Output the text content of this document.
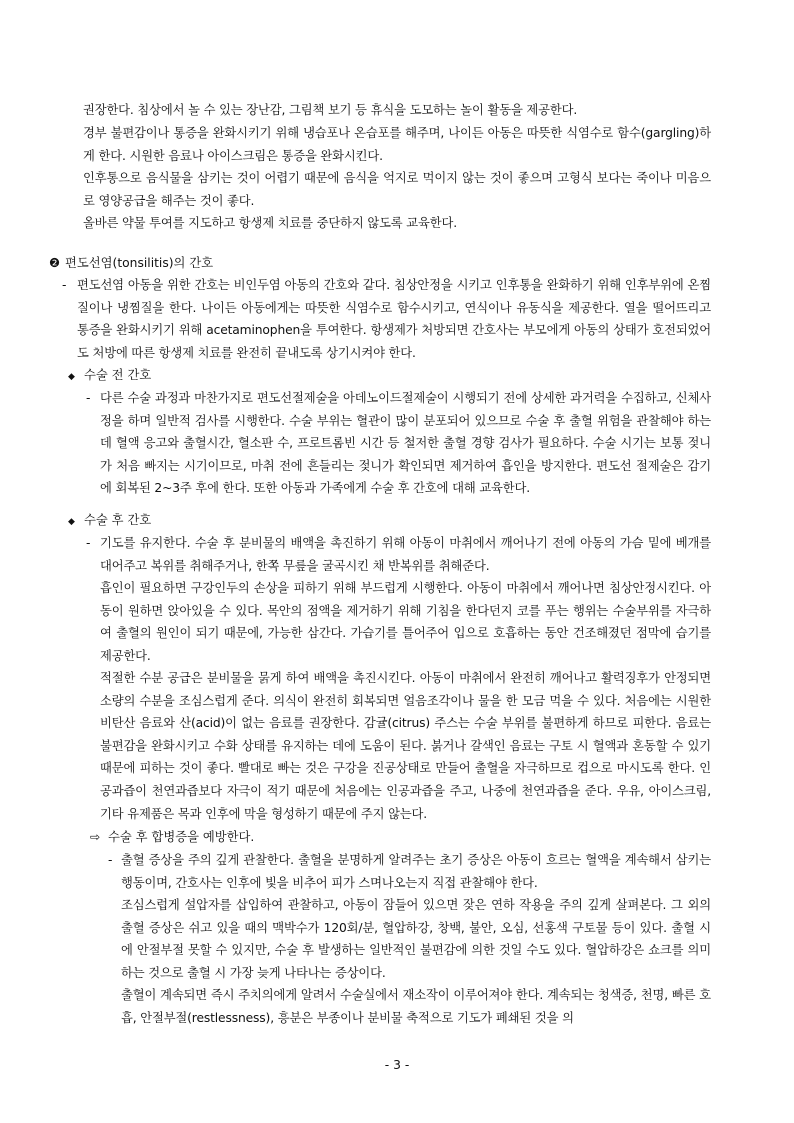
권장한다. 침상에서 놀 수 있는 장난감, 그림책 보기 등 휴식을 도모하는 놀이 활동을 제공한다.

경부 불편감이나 통증을 완화시키기 위해 냉습포나 온습포를 해주며, 나이든 아동은 따뜻한 식염수로 함수(gargling)하게 한다. 시원한 음료나 아이스크림은 통증을 완화시킨다.

인후통으로 음식물을 삼키는 것이 어렵기 때문에 음식을 억지로 먹이지 않는 것이 좋으며 고형식 보다는 죽이나 미음으로 영양공급을 해주는 것이 좋다.

올바른 약물 투여를 지도하고 항생제 치료를 중단하지 않도록 교육한다.

❷ 편도선염(tonsilitis)의 간호
- 편도선염 아동을 위한 간호는 비인두염 아동의 간호와 같다. 침상안정을 시키고 인후통을 완화하기 위해 인후부위에 온찜질이나 냉찜질을 한다. 나이든 아동에게는 따뜻한 식염수로 함수시키고, 연식이나 유동식을 제공한다. 열을 떨어뜨리고 통증을 완화시키기 위해 acetaminophen을 투여한다. 항생제가 처방되면 간호사는 부모에게 아동의 상태가 호전되었어도 처방에 따른 항생제 치료를 완전히 끝내도록 상기시켜야 한다.

◆ 수술 전 간호
- 다른 수술 과정과 마찬가지로 편도선절제술을 아데노이드절제술이 시행되기 전에 상세한 과거력을 수집하고, 신체사정을 하며 일반적 검사를 시행한다. 수술 부위는 혈관이 많이 분포되어 있으므로 수술 후 출혈 위험을 관찰해야 하는데 혈액 응고와 출혈시간, 혈소판 수, 프로트롬빈 시간 등 철저한 출혈 경향 검사가 필요하다. 수술 시기는 보통 젖니가 처음 빠지는 시기이므로, 마취 전에 흔들리는 젖니가 확인되면 제거하여 흡인을 방지한다. 편도선 절제술은 감기에 회복된 2~3주 후에 한다. 또한 아동과 가족에게 수술 후 간호에 대해 교육한다.

◆ 수술 후 간호
- 기도를 유지한다. 수술 후 분비물의 배액을 촉진하기 위해 아동이 마취에서 깨어나기 전에 아동의 가슴 밑에 베개를 대어주고 복위를 취해주거나, 한쪽 무릎을 굴곡시킨 채 반복위를 취해준다.

흡인이 필요하면 구강인두의 손상을 피하기 위해 부드럽게 시행한다. 아동이 마취에서 깨어나면 침상안정시킨다. 아동이 원하면 앉아있을 수 있다. 목안의 점액을 제거하기 위해 기침을 한다던지 코를 푸는 행위는 수술부위를 자극하여 출혈의 원인이 되기 때문에, 가능한 삼간다. 가습기를 틀어주어 입으로 호흡하는 동안 건조해졌던 점막에 습기를 제공한다.

적절한 수분 공급은 분비물을 묽게 하여 배액을 촉진시킨다. 아동이 마취에서 완전히 깨어나고 활력징후가 안정되면 소량의 수분을 조심스럽게 준다. 의식이 완전히 회복되면 얼음조각이나 물을 한 모금 먹을 수 있다. 처음에는 시원한 비탄산 음료와 산(acid)이 없는 음료를 권장한다. 감귤(citrus) 주스는 수술 부위를 불편하게 하므로 피한다. 음료는 불편감을 완화시키고 수화 상태를 유지하는 데에 도움이 된다. 붉거나 갈색인 음료는 구토 시 혈액과 혼동할 수 있기 때문에 피하는 것이 좋다. 빨대로 빠는 것은 구강을 진공상태로 만들어 출혈을 자극하므로 컵으로 마시도록 한다. 인공과즙이 천연과즙보다 자극이 적기 때문에 처음에는 인공과즙을 주고, 나중에 천연과즙을 준다. 우유, 아이스크림, 기타 유제품은 목과 인후에 막을 형성하기 때문에 주지 않는다.

⇨ 수술 후 합병증을 예방한다.
- 출혈 증상을 주의 깊게 관찰한다. 출혈을 분명하게 알려주는 초기 증상은 아동이 흐르는 혈액을 계속해서 삼키는 행동이며, 간호사는 인후에 빛을 비추어 피가 스며나오는지 직접 관찰해야 한다.

조심스럽게 설압자를 삽입하여 관찰하고, 아동이 잠들어 있으면 잦은 연하 작용을 주의 깊게 살펴본다. 그 외의 출혈 증상은 쉬고 있을 때의 맥박수가 120회/분, 혈압하강, 창백, 불안, 오심, 선홍색 구토물 등이 있다. 출혈 시에 안절부절 못할 수 있지만, 수술 후 발생하는 일반적인 불편감에 의한 것일 수도 있다. 혈압하강은 쇼크를 의미하는 것으로 출혈 시 가장 늦게 나타나는 증상이다.

출혈이 계속되면 즉시 주치의에게 알려서 수술실에서 재소작이 이루어져야 한다. 계속되는 청색증, 천명, 빠른 호흡, 안절부절(restlessness), 흥분은 부종이나 분비물 축적으로 기도가 폐쇄된 것을 의

- 3 -
